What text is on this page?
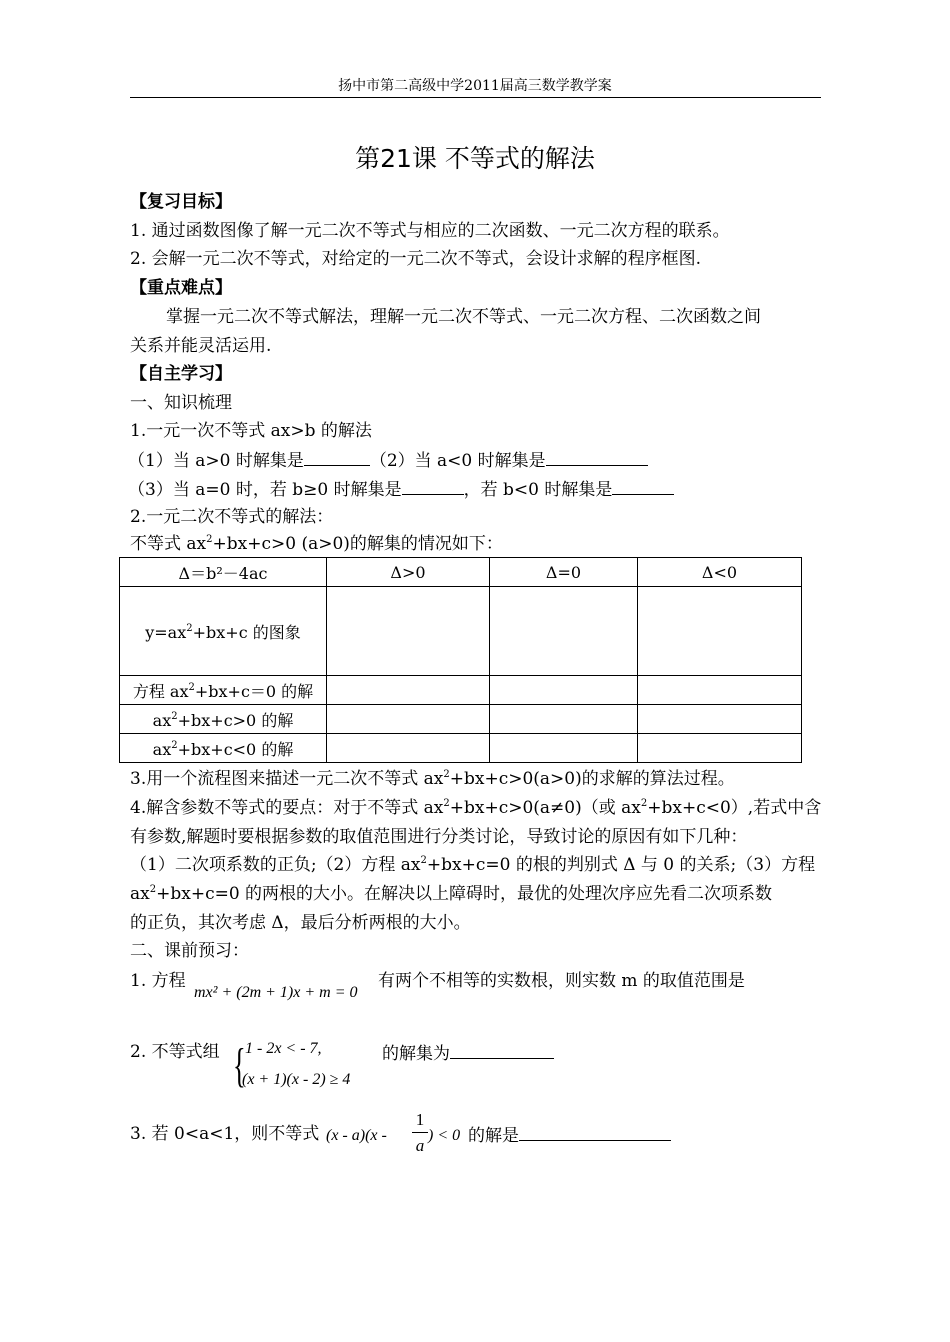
扬中市第二高级中学2011届高三数学教学案
第21课 不等式的解法
【复习目标】
1. 通过函数图像了解一元二次不等式与相应的二次函数、一元二次方程的联系。
2. 会解一元二次不等式，对给定的一元二次不等式，会设计求解的程序框图.
【重点难点】
掌握一元二次不等式解法，理解一元二次不等式、一元二次方程、二次函数之间
关系并能灵活运用.
【自主学习】
一、知识梳理
1.一元一次不等式 ax>b 的解法
（1）当 a>0 时解集是	（2）当 a<0 时解集是
（3）当 a=0 时，若 b≥0 时解集是	，若 b<0 时解集是
2.一元二次不等式的解法：
不等式 $ax^2+bx+c>0$ (a>0)的解集的情况如下：
Δ＝b²－4ac	Δ>0	Δ=0	Δ<0
$y=ax^2+bx+c$ 的图象			
方程 $ax^2+bx+c=0$ 的解			
$ax^2+bx+c>0$ 的解			
$ax^2+bx+c<0$ 的解			
3.用一个流程图来描述一元二次不等式 $ax^2+bx+c>0(a>0)$的求解的算法过程。
4.解含参数不等式的要点：对于不等式 $ax^2+bx+c>0(a\ne 0)$（或 $ax^2+bx+c<0$）,若式中含
有参数,解题时要根据参数的取值范围进行分类讨论，导致讨论的原因有如下几种：
（1）二次项系数的正负;（2）方程 $ax^2+bx+c=0$ 的根的判别式 Δ 与 0 的关系;（3）方程
$ax^2+bx+c=0$ 的两根的大小。在解决以上障碍时，最优的处理次序应先看二次项系数
的正负，其次考虑 Δ，最后分析两根的大小。
二、课前预习：
1. 方程
mx² + (2m + 1)x + m = 0
有两个不相等的实数根，则实数 m 的取值范围是
2. 不等式组 { 1 - 2x < - 7,
(x + 1)(x - 2) ≥ 4
的解集为
3. 若 0<a<1，则不等式 (x - a)(x -
1
a
) < 0 的解是
